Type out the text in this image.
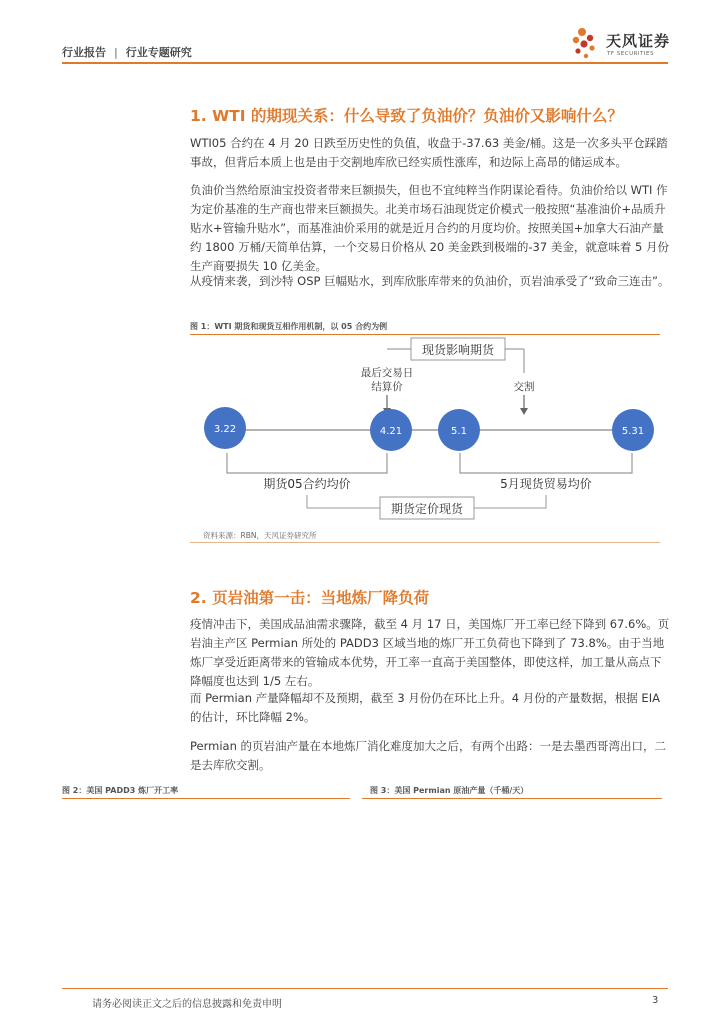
行业报告 | 行业专题研究
天风证券
TF SECURITIES
1. WTI 的期现关系：什么导致了负油价？负油价又影响什么？

WTI05 合约在 4 月 20 日跌至历史性的负值，收盘于-37.63 美金/桶。这是一次多头平仓踩踏事故，但背后本质上也是由于交割地库欣已经实质性涨库，和边际上高昂的储运成本。

负油价当然给原油宝投资者带来巨额损失，但也不宜纯粹当作阴谋论看待。负油价给以 WTI 作为定价基准的生产商也带来巨额损失。北美市场石油现货定价模式一般按照“基准油价+品质升贴水+管输升贴水”，而基准油价采用的就是近月合约的月度均价。按照美国+加拿大石油产量约 1800 万桶/天简单估算，一个交易日价格从 20 美金跌到极端的-37 美金，就意味着 5 月份生产商要损失 10 亿美金。

从疫情来袭，到沙特 OSP 巨幅贴水，到库欣胀库带来的负油价，页岩油承受了“致命三连击”。

图 1：WTI 期货和现货互相作用机制，以 05 合约为例
现货影响期货
最后交易日
结算价	交割
3.22	4.21	5.1	5.31
期货05合约均价	5月现货贸易均价
期货定价现货
资料来源：RBN，天风证券研究所
2. 页岩油第一击：当地炼厂降负荷

疫情冲击下，美国成品油需求骤降，截至 4 月 17 日，美国炼厂开工率已经下降到 67.6%。页岩油主产区 Permian 所处的 PADD3 区域当地的炼厂开工负荷也下降到了 73.8%。由于当地炼厂享受近距离带来的管输成本优势，开工率一直高于美国整体，即使这样，加工量从高点下降幅度也达到 1/5 左右。

而 Permian 产量降幅却不及预期，截至 3 月份仍在环比上升。4 月份的产量数据，根据 EIA 的估计，环比降幅 2%。

Permian 的页岩油产量在本地炼厂消化难度加大之后，有两个出路：一是去墨西哥湾出口，二是去库欣交割。

图 2：美国 PADD3 炼厂开工率	图 3：美国 Permian 原油产量（千桶/天）
请务必阅读正文之后的信息披露和免责申明	3
